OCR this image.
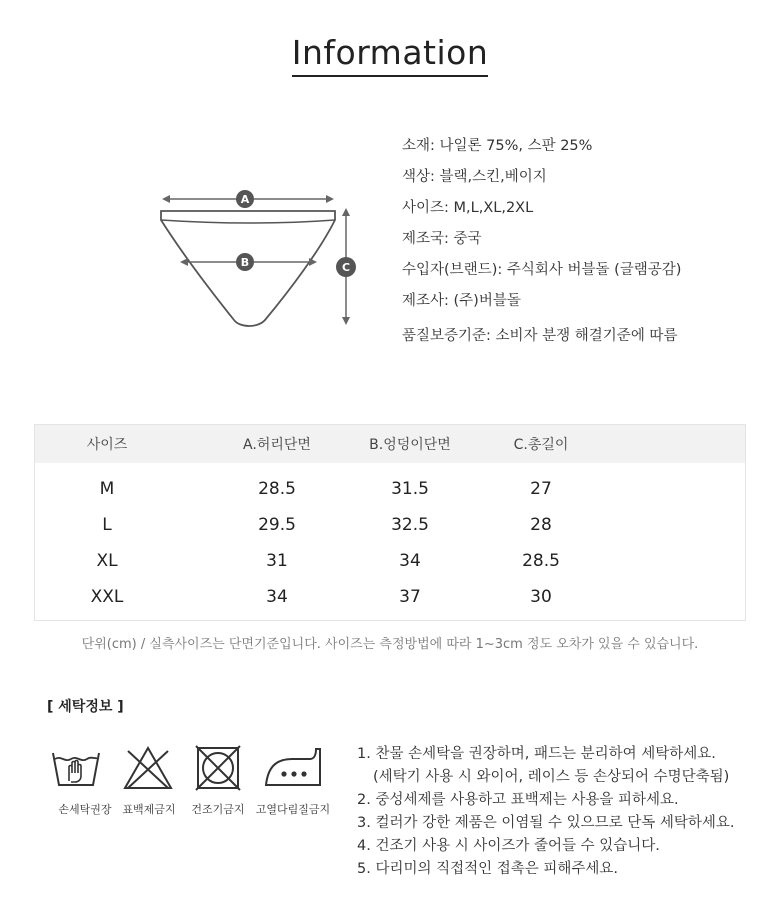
Information
A
B	C
소재: 나일론 75%, 스판 25%
색상: 블랙,스킨,베이지
사이즈: M,L,XL,2XL
제조국: 중국
수입자(브랜드): 주식회사 버블돌 (글램공감)
제조사: (주)버블돌
품질보증기준: 소비자 분쟁 해결기준에 따름
사이즈	A.허리단면	B.엉덩이단면	C.총길이
M	28.5	31.5	27
L	29.5	32.5	28
XL	31	34	28.5
XXL	34	37	30
단위(cm) / 실측사이즈는 단면기준입니다. 사이즈는 측정방법에 따라 1~3cm 정도 오차가 있을 수 있습니다.
[ 세탁정보 ]
손세탁권장 표백제금지 건조기금지 고열다림질금지
1. 찬물 손세탁을 권장하며, 패드는 분리하여 세탁하세요.
(세탁기 사용 시 와이어, 레이스 등 손상되어 수명단축됨)
2. 중성세제를 사용하고 표백제는 사용을 피하세요.
3. 컬러가 강한 제품은 이염될 수 있으므로 단독 세탁하세요.
4. 건조기 사용 시 사이즈가 줄어들 수 있습니다.
5. 다리미의 직접적인 접촉은 피해주세요.
